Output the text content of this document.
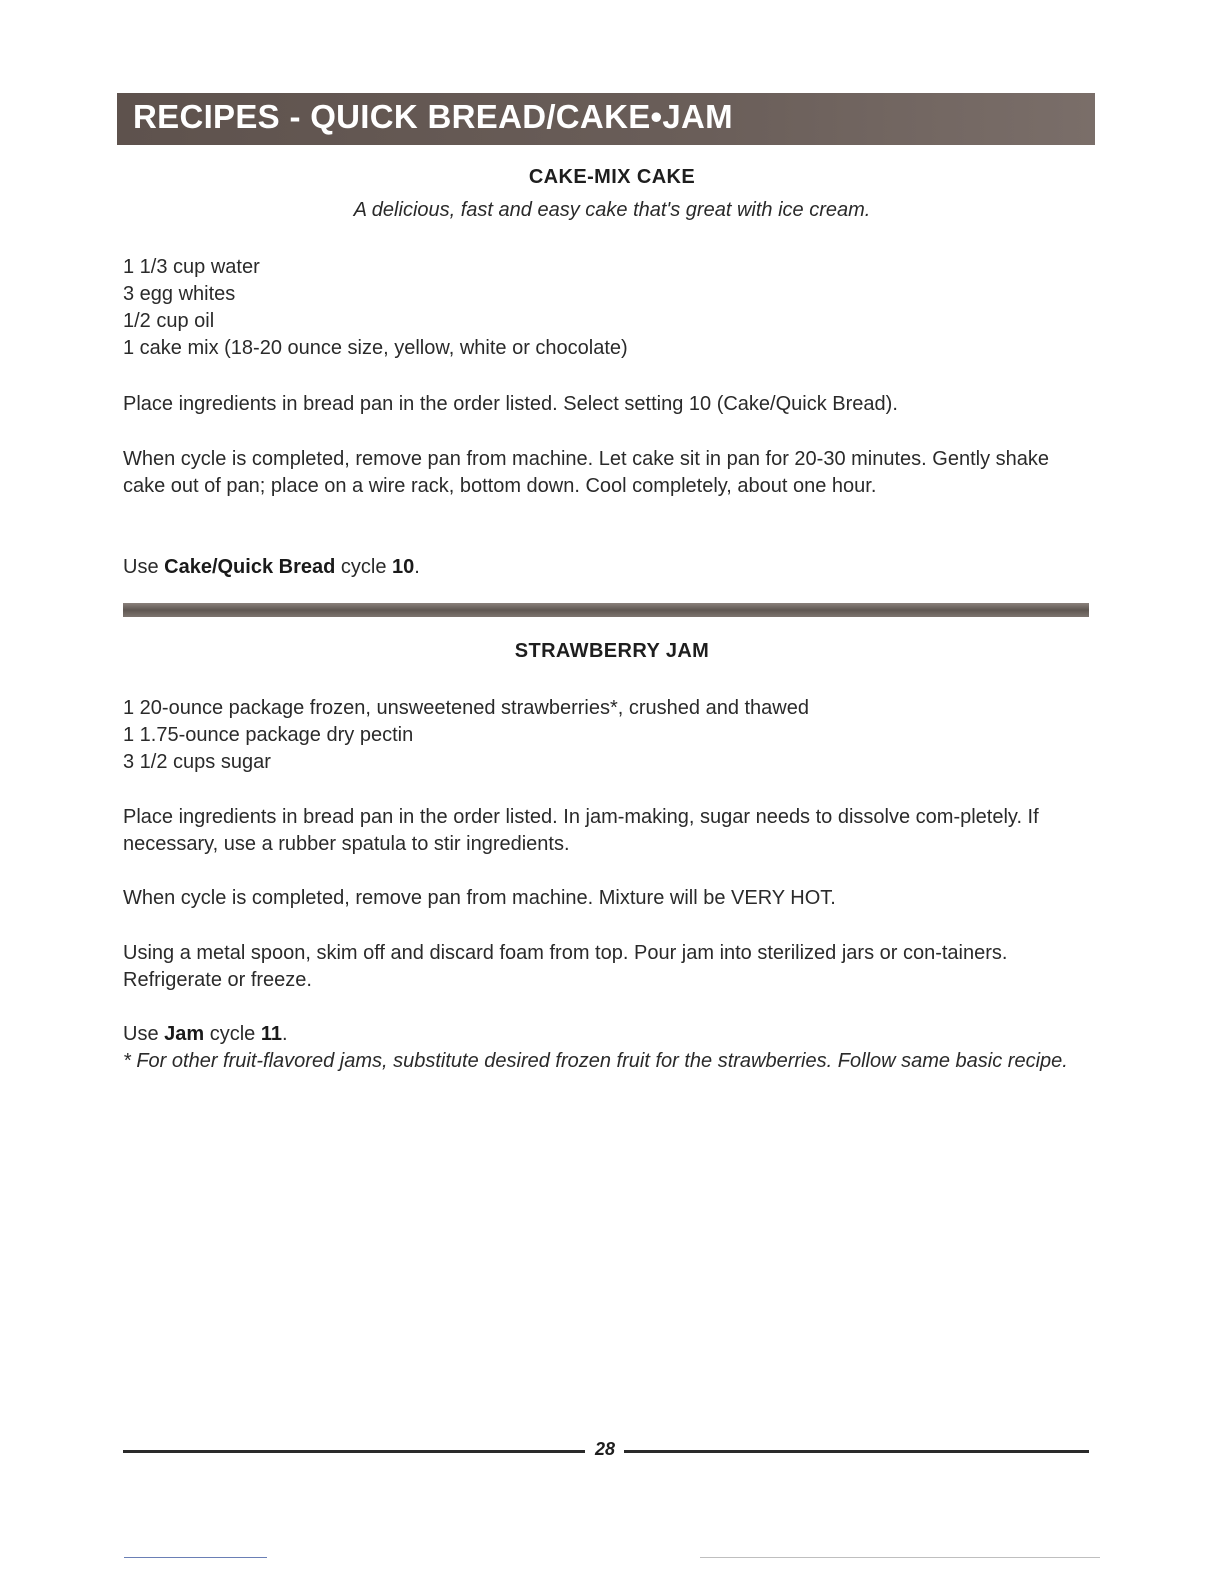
RECIPES - QUICK BREAD/CAKE•JAM
CAKE-MIX CAKE
A delicious, fast and easy cake that's great with ice cream.
1 1/3 cup water
3 egg whites
1/2 cup oil
1 cake mix (18-20 ounce size, yellow, white or chocolate)
Place ingredients in bread pan in the order listed. Select setting 10 (Cake/Quick Bread).
When cycle is completed, remove pan from machine. Let cake sit in pan for 20-30 minutes. Gently shake cake out of pan; place on a wire rack, bottom down. Cool completely, about one hour.
Use Cake/Quick Bread cycle 10.
STRAWBERRY JAM
1 20-ounce package frozen, unsweetened strawberries*, crushed and thawed
1 1.75-ounce package dry pectin
3 1/2 cups sugar
Place ingredients in bread pan in the order listed. In jam-making, sugar needs to dissolve com-pletely. If necessary, use a rubber spatula to stir ingredients.
When cycle is completed, remove pan from machine. Mixture will be VERY HOT.
Using a metal spoon, skim off and discard foam from top. Pour jam into sterilized jars or con-tainers. Refrigerate or freeze.
Use Jam cycle 11.
* For other fruit-flavored jams, substitute desired frozen fruit for the strawberries. Follow same basic recipe.
28
